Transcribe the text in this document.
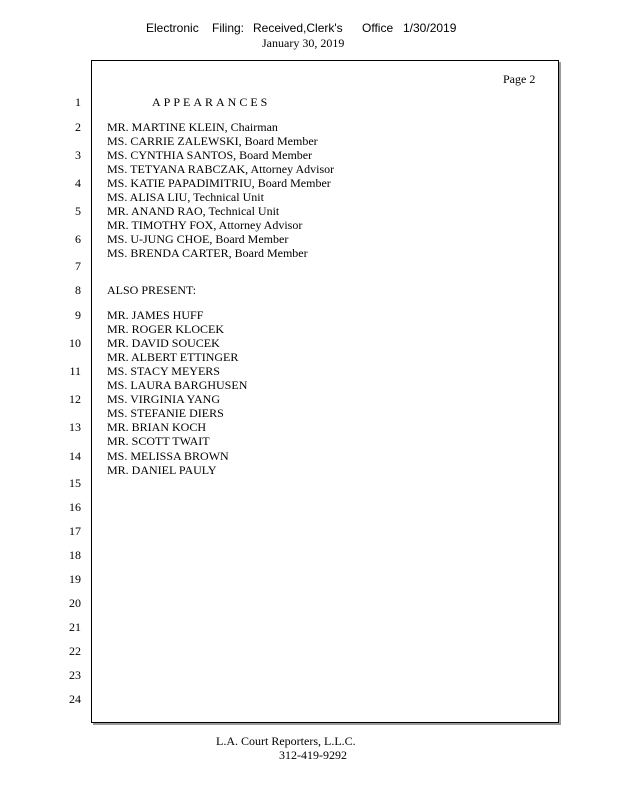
Electronic Filing: Received,Clerk's Office 1/30/2019
January 30, 2019
Page 2
1
2
3
4
5
6
7
8
9
10
11
12
13
14
15
16
17
18
19
20
21
22
23
24
APPEARANCES
MR. MARTINE KLEIN, Chairman
MS. CARRIE ZALEWSKI, Board Member
MS. CYNTHIA SANTOS, Board Member
MS. TETYANA RABCZAK, Attorney Advisor
MS. KATIE PAPADIMITRIU, Board Member
MS. ALISA LIU, Technical Unit
MR. ANAND RAO, Technical Unit
MR. TIMOTHY FOX, Attorney Advisor
MS. U-JUNG CHOE, Board Member
MS. BRENDA CARTER, Board Member
ALSO PRESENT:
MR. JAMES HUFF
MR. ROGER KLOCEK
MR. DAVID SOUCEK
MR. ALBERT ETTINGER
MS. STACY MEYERS
MS. LAURA BARGHUSEN
MS. VIRGINIA YANG
MS. STEFANIE DIERS
MR. BRIAN KOCH
MR. SCOTT TWAIT
MS. MELISSA BROWN
MR. DANIEL PAULY
L.A. Court Reporters, L.L.C.
312-419-9292
